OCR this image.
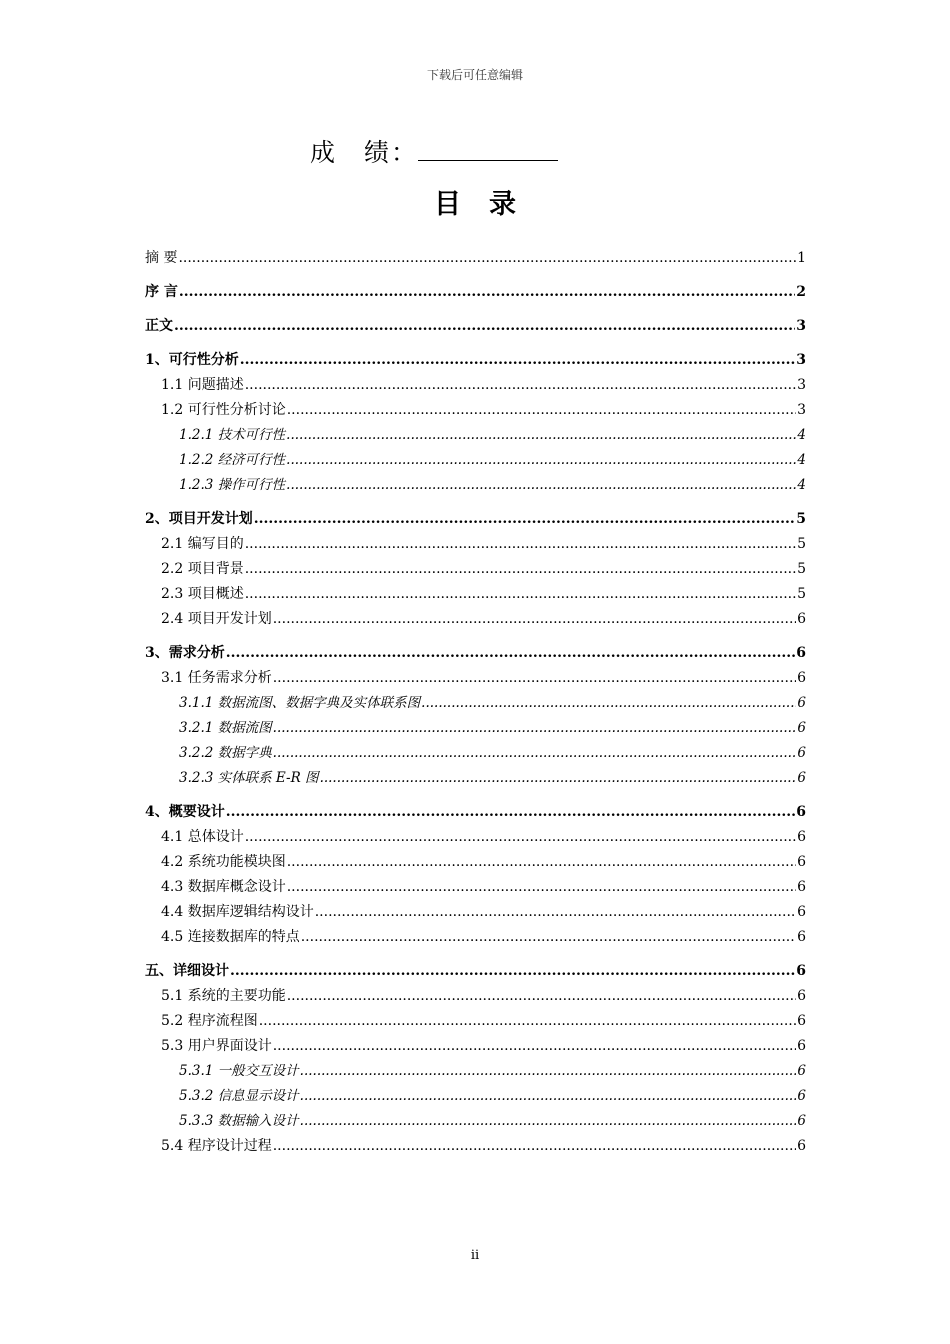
下载后可任意编辑
成　绩：
目录
摘 要 .....	1
序 言 .....	2
正文 .....	3
1、可行性分析 .....	3
1.1 问题描述 .....	3
1.2 可行性分析讨论 .....	3
1.2.1 技术可行性 .....	4
1.2.2 经济可行性 .....	4
1.2.3 操作可行性 .....	4
2、项目开发计划 .....	5
2.1 编写目的 .....	5
2.2 项目背景 .....	5
2.3 项目概述 .....	5
2.4 项目开发计划 .....	6
3、需求分析 .....	6
3.1 任务需求分析 .....	6
3.1.1 数据流图、数据字典及实体联系图 .....	6
3.2.1 数据流图 .....	6
3.2.2 数据字典 .....	6
3.2.3 实体联系 E-R 图 .....	6
4、概要设计 .....	6
4.1 总体设计 .....	6
4.2 系统功能模块图 .....	6
4.3 数据库概念设计 .....	6
4.4 数据库逻辑结构设计 .....	6
4.5 连接数据库的特点 .....	6
五、详细设计 .....	6
5.1 系统的主要功能 .....	6
5.2 程序流程图 .....	6
5.3 用户界面设计 .....	6
5.3.1 一般交互设计 .....	6
5.3.2 信息显示设计 .....	6
5.3.3 数据输入设计 .....	6
5.4 程序设计过程 .....	6
ii
